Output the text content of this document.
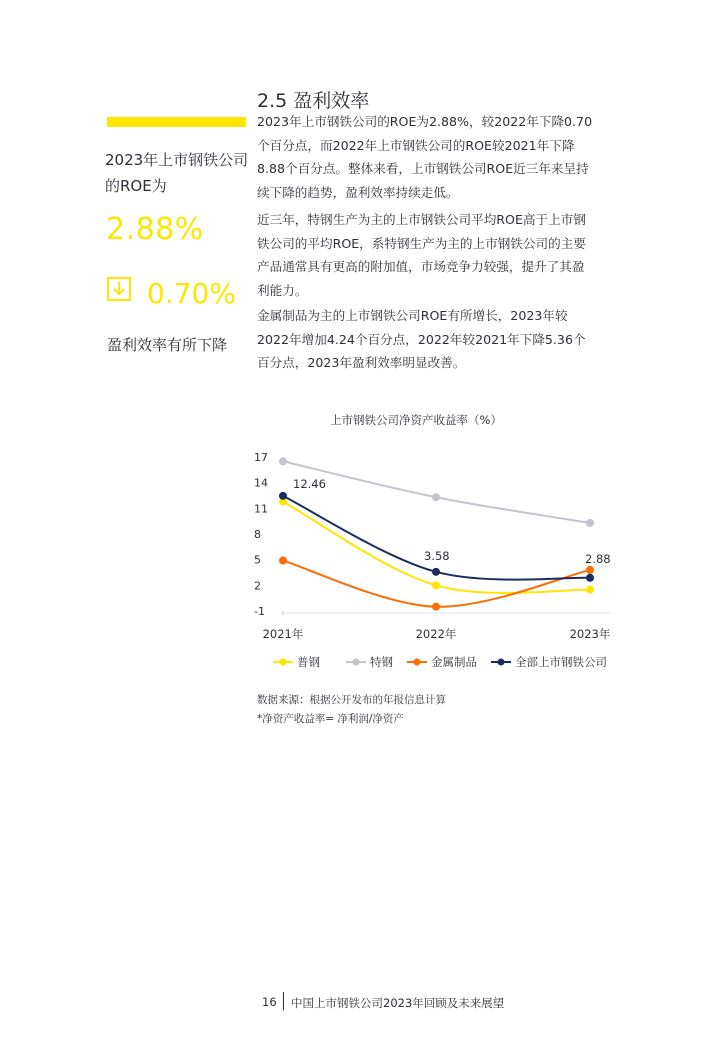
2.5 盈利效率
2023年上市钢铁公司的ROE为
2.88%
0.70%
盈利效率有所下降
2023年上市钢铁公司的ROE为2.88%，较2022年下降0.70个百分点，而2022年上市钢铁公司的ROE较2021年下降8.88个百分点。整体来看，上市钢铁公司ROE近三年来呈持续下降的趋势，盈利效率持续走低。
近三年，特钢生产为主的上市钢铁公司平均ROE高于上市钢铁公司的平均ROE，系特钢生产为主的上市钢铁公司的主要产品通常具有更高的附加值，市场竞争力较强，提升了其盈利能力。
金属制品为主的上市钢铁公司ROE有所增长，2023年较2022年增加4.24个百分点，2022年较2021年下降5.36个百分点，2023年盈利效率明显改善。
上市钢铁公司净资产收益率（%）
-1
2
5
8
11
14
17
2021年	2022年	2023年
12.46
3.58	2.88
普钢	特钢	金属制品	全部上市钢铁公司
数据来源：根据公开发布的年报信息计算
*净资产收益率= 净利润/净资产
16 中国上市钢铁公司2023年回顾及未来展望
